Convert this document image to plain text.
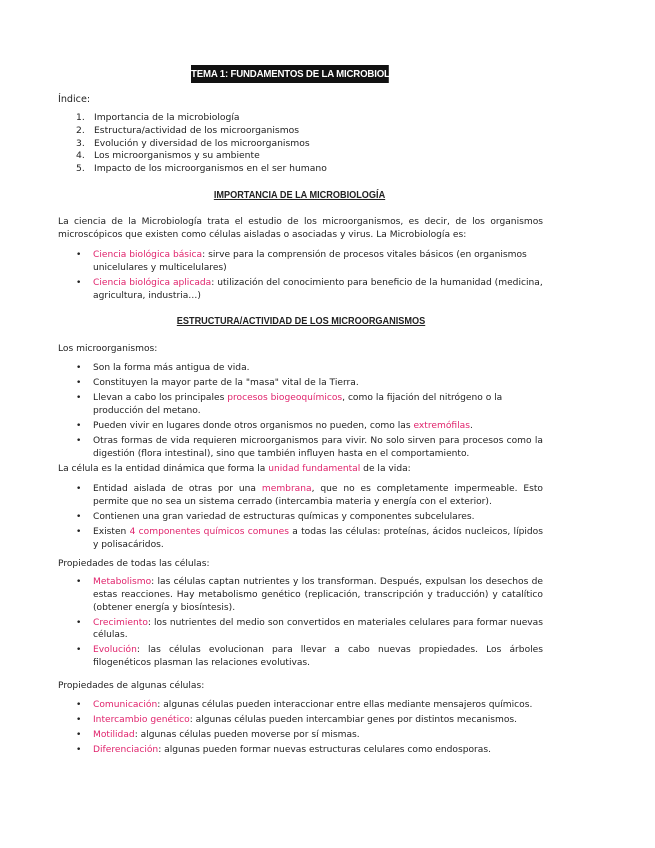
TEMA 1: FUNDAMENTOS DE LA MICROBIOLOGÍA
Índice:
1. Importancia de la microbiología
2. Estructura/actividad de los microorganismos
3. Evolución y diversidad de los microorganismos
4. Los microorganismos y su ambiente
5. Impacto de los microorganismos en el ser humano
IMPORTANCIA DE LA MICROBIOLOGÍA
La ciencia de la Microbiología trata el estudio de los microorganismos, es decir, de los organismos microscópicos que existen como células aisladas o asociadas y virus. La Microbiología es:
• Ciencia biológica básica: sirve para la comprensión de procesos vitales básicos (en organismos unicelulares y multicelulares)
• Ciencia biológica aplicada: utilización del conocimiento para beneficio de la humanidad (medicina, agricultura, industria…)
ESTRUCTURA/ACTIVIDAD DE LOS MICROORGANISMOS
Los microorganismos:
• Son la forma más antigua de vida.
• Constituyen la mayor parte de la "masa" vital de la Tierra.
• Llevan a cabo los principales procesos biogeoquímicos, como la fijación del nitrógeno o la producción del metano.
• Pueden vivir en lugares donde otros organismos no pueden, como las extremófilas.
• Otras formas de vida requieren microorganismos para vivir. No solo sirven para procesos como la digestión (flora intestinal), sino que también influyen hasta en el comportamiento.
La célula es la entidad dinámica que forma la unidad fundamental de la vida:
• Entidad aislada de otras por una membrana, que no es completamente impermeable. Esto permite que no sea un sistema cerrado (intercambia materia y energía con el exterior).
• Contienen una gran variedad de estructuras químicas y componentes subcelulares.
• Existen 4 componentes químicos comunes a todas las células: proteínas, ácidos nucleicos, lípidos y polisacáridos.
Propiedades de todas las células:
• Metabolismo: las células captan nutrientes y los transforman. Después, expulsan los desechos de estas reacciones. Hay metabolismo genético (replicación, transcripción y traducción) y catalítico (obtener energía y biosíntesis).
• Crecimiento: los nutrientes del medio son convertidos en materiales celulares para formar nuevas células.
• Evolución: las células evolucionan para llevar a cabo nuevas propiedades. Los árboles filogenéticos plasman las relaciones evolutivas.
Propiedades de algunas células:
• Comunicación: algunas células pueden interaccionar entre ellas mediante mensajeros químicos.
• Intercambio genético: algunas células pueden intercambiar genes por distintos mecanismos.
• Motilidad: algunas células pueden moverse por sí mismas.
• Diferenciación: algunas pueden formar nuevas estructuras celulares como endosporas.
